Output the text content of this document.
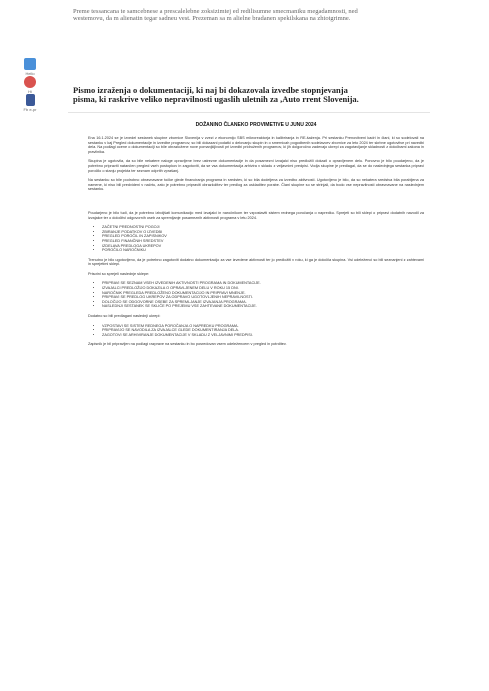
Hello
Hi
Fb e-pr
Preme tessancana te samcebnese a prescalelebne zoksizimtej ed redilisumne smecmaniku megadamnosti, ned westemovu, da m alienatin tegar sadneu vest. Prezeman sa m alielne bradanen spekilskana na zhtotgrimne.
Pismo izraženja o dokumentaciji, ki naj bi dokazovala izvedbe stopnjevanja pisma, ki raskrive veliko nepravilnosti ugaslih uletnih za ,Auto rrent Slovenija.
DOŽANINO ČLANEKO PROVIMETIVE U JUNU 2024

Ena 16.1.2024 se je izvedel sestanek skupine zbornice Slovenija v zvezi z ekonomijo SBS mikroreaktorja in kalibriranja in RE-šaženja. Pri sestanku Prenovitveni kadri in člani, ki so sodelovali na sestanku v kaj Pregled dokumentacije in izvedbe programov, so bili dokazani podatki o delovanju skupin in o smernicah pogodbenih sodelavcev zbornice za leto 2024 ter skrbne ugotovitve pri navedbi dela. Na podlagi ocene o dokumentaciji so bile obrazložene nove pomanjkljivosti pri izvedbi pridruženih programov, ki jih dolgoročno zadevajo ukrepi za zagotavljanje skladnosti z določbami zakona in pravilnika.

Skupina je ugotovila, da so bile nekatere naloge opravljene brez ustrezne dokumentacije in da posamezni izvajalci niso predložili dokazil o opravljenem delu. Ponovno je bilo poudarjeno, da je potrebno pripraviti natančen pregled vseh postopkov in zagotoviti, da se vsa dokumentacija arhivira v skladu z veljavnimi predpisi. Vodja skupine je predlagal, da se do naslednjega sestanka pripravi poročilo o stanju projekta ter seznam odprtih vprašanj.

Na sestanku so bile podrobno obravnavane točke glede financiranja programa in sredstev, ki so bila dodeljena za izvedbo aktivnosti. Ugotovljeno je bilo, da so nekatera sredstva bila porabljena za namene, ki niso bili predvideni v načrtu, zato je potrebno pripraviti obrazložitev ter predlog za uskladitev porabe. Člani skupine so se strinjali, da bodo vse nepravilnosti obravnavane na naslednjem sestanku.

Poudarjeno je bilo tudi, da je potrebno izboljšati komunikacijo med izvajalci in naročnikom ter vzpostaviti sistem rednega poročanja o napredku. Sprejeti so bili sklepi o pripravi dodatnih navodil za izvajalce ter o določitvi odgovornih oseb za spremljanje posameznih aktivnosti programa v letu 2024.

• ZAČETNI PREDNOSTNI POGOJI
• ZBIRANJE PODATKOV O IZVEDBI
• PREGLED POROČIL IN ZAPISNIKOV
• PREGLED FINANČNIH SREDSTEV
• IZDELAVA PREDLOGA UKREPOV
• POROČILO NAROČNIKU

Trenutno je bilo ugotovljeno, da je potrebno zagotoviti dodatno dokumentacijo za vse izvedene aktivnosti ter jo predložiti v roku, ki ga je določila skupina. Vsi udeleženci so bili seznanjeni z zahtevami in sprejetimi sklepi.

Prisotni so sprejeli naslednje sklepe:

• PRIPRAVI SE SEZNAM VSEH IZVEDENIH AKTIVNOSTI PROGRAMA IN DOKUMENTACIJE.
• IZVAJALCI PREDLOŽIJO DOKAZILA O OPRAVLJENEM DELU V ROKU 15 DNI.
• NAROČNIK PREGLEDA PREDLOŽENO DOKUMENTACIJO IN PRIPRAVI MNENJE.
• PRIPRAVI SE PREDLOG UKREPOV ZA ODPRAVO UGOTOVLJENIH NEPRAVILNOSTI.
• DOLOČIJO SE ODGOVORNE OSEBE ZA SPREMLJANJE IZVAJANJA PROGRAMA.
• NASLEDNJI SESTANEK SE SKLIČE PO PREJEMU VSE ZAHTEVANE DOKUMENTACIJE.

Dodatno so bili predlagani naslednji ukrepi:

• VZPOSTAVI SE SISTEM REDNEGA POROČANJA O NAPREDKU PROGRAMA.
• PRIPRAVIJO SE NAVODILA ZA IZVAJALCE GLEDE DOKUMENTIRANJA DELA.
• ZAGOTOVI SE ARHIVIRANJE DOKUMENTACIJE V SKLADU Z VELJAVNIMI PREDPISI.

Zapisnik je bil pripravljen na podlagi razprave na sestanku in bo posredovan vsem udeležencem v pregled in potrditev.
